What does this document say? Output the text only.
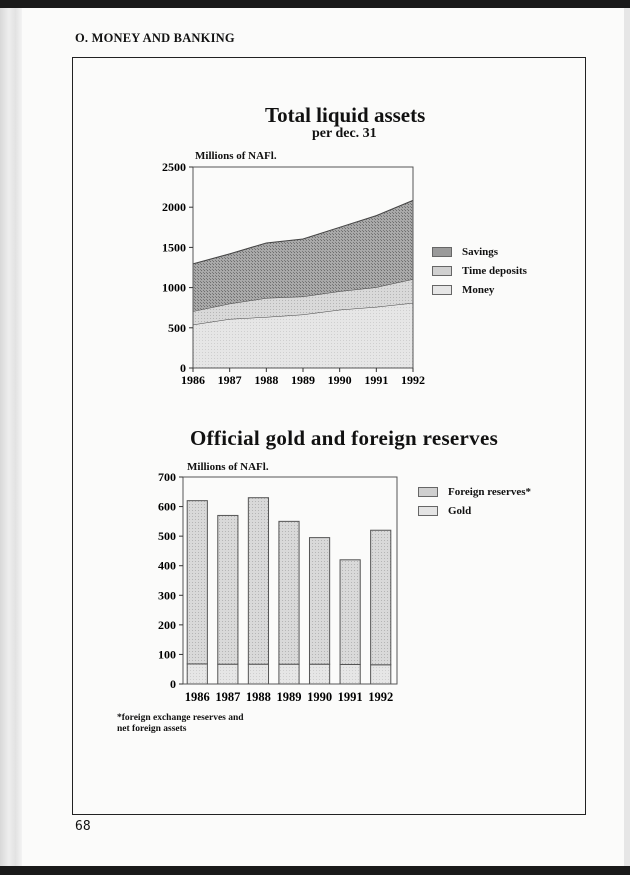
O. MONEY AND BANKING
Total liquid assets
per dec. 31
Millions of NAFl.
0
500
1000
1500
2000
2500
1986 1987 1988 1989 1990 1991 1992
Savings
Time deposits
Money
Official gold and foreign reserves
Millions of NAFl.
1986 1987 1988 1989 1990 1991 1992
0
100
200
300
400
500
600
700
Foreign reserves*
Gold
*foreign exchange reserves and
net foreign assets
68
